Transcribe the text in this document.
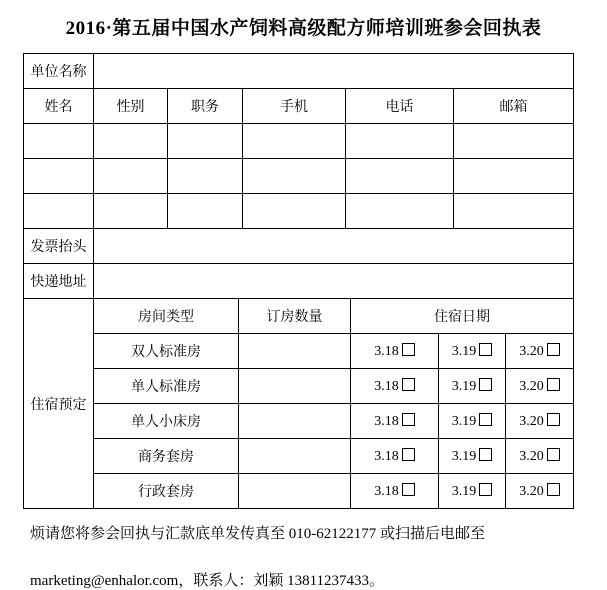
2016·第五届中国水产饲料高级配方师培训班参会回执表
单位名称					
姓名	性别	职务	手机	电话	邮箱

发票抬头					
快递地址					
住宿预定	房间类型	订房数量	住宿日期		
	双人标准房		3.18	3.19	3.20
	单人标准房		3.18	3.19	3.20
	单人小床房		3.18	3.19	3.20
	商务套房		3.18	3.19	3.20
	行政套房		3.18	3.19	3.20
烦请您将参会回执与汇款底单发传真至 010-62122177 或扫描后电邮至
marketing@enhalor.com，联系人：刘颖 13811237433。
